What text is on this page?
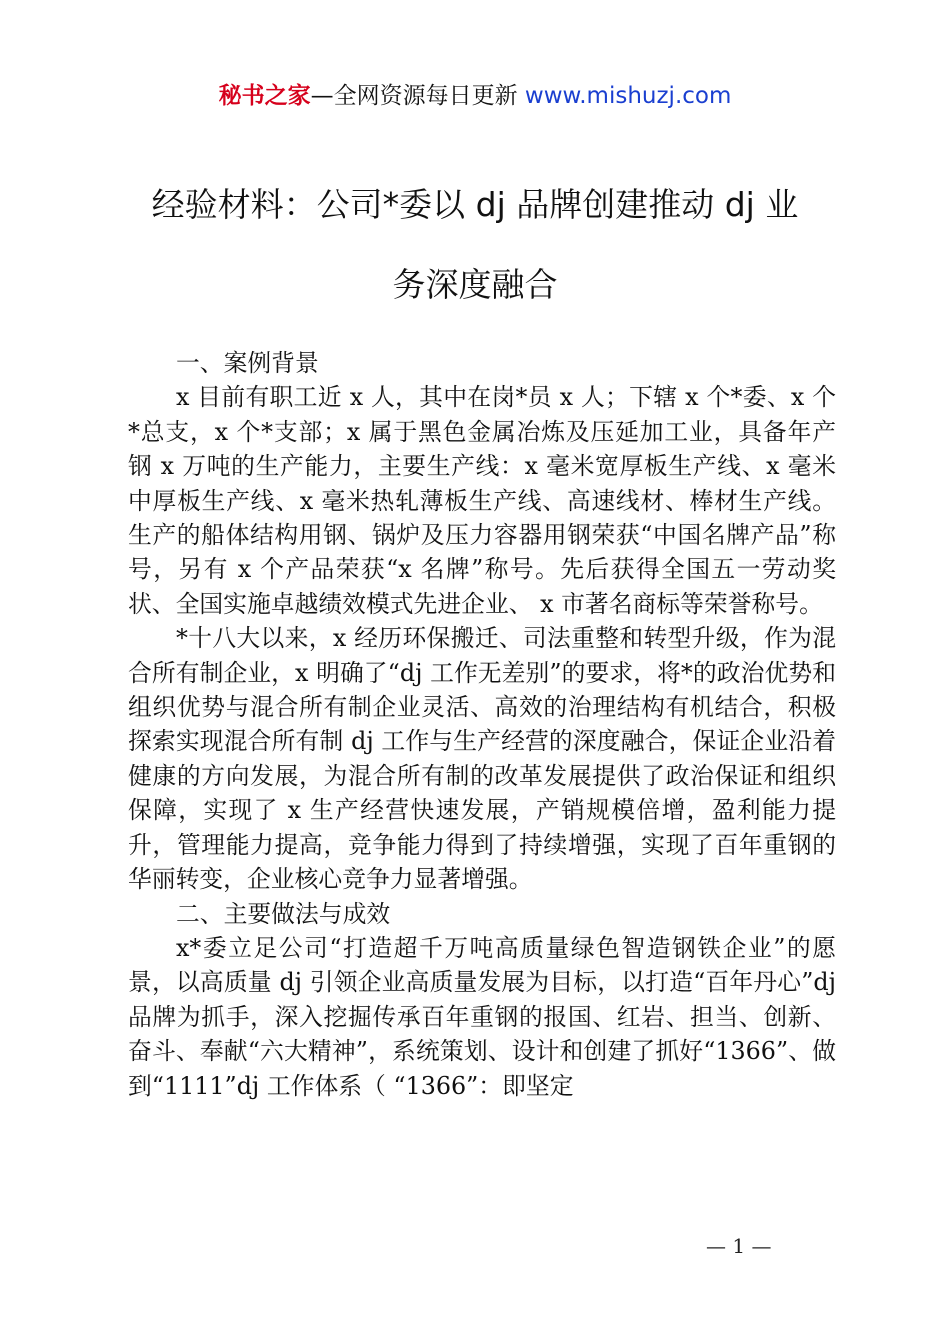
秘书之家—全网资源每日更新 www.mishuzj.com
经验材料：公司*委以 dj 品牌创建推动 dj 业
务深度融合

一、案例背景

x 目前有职工近 x 人，其中在岗*员 x 人；下辖 x 个*委、x 个*总支，x 个*支部；x 属于黑色金属冶炼及压延加工业，具备年产钢 x 万吨的生产能力，主要生产线：x 毫米宽厚板生产线、x 毫米中厚板生产线、x 毫米热轧薄板生产线、高速线材、棒材生产线。生产的船体结构用钢、锅炉及压力容器用钢荣获“中国名牌产品”称号，另有 x 个产品荣获“x 名牌”称号。先后获得全国五一劳动奖状、全国实施卓越绩效模式先进企业、 x 市著名商标等荣誉称号。

*十八大以来，x 经历环保搬迁、司法重整和转型升级，作为混合所有制企业，x 明确了“dj 工作无差别”的要求，将*的政治优势和组织优势与混合所有制企业灵活、高效的治理结构有机结合，积极探索实现混合所有制 dj 工作与生产经营的深度融合，保证企业沿着健康的方向发展，为混合所有制的改革发展提供了政治保证和组织保障，实现了 x 生产经营快速发展，产销规模倍增，盈利能力提升，管理能力提高，竞争能力得到了持续增强，实现了百年重钢的华丽转变，企业核心竞争力显著增强。

二、主要做法与成效

x*委立足公司“打造超千万吨高质量绿色智造钢铁企业”的愿景，以高质量 dj 引领企业高质量发展为目标，以打造“百年丹心”dj 品牌为抓手，深入挖掘传承百年重钢的报国、红岩、担当、创新、奋斗、奉献“六大精神”，系统策划、设计和创建了抓好“1366”、做到“1111”dj 工作体系（ “1366”：即坚定

— 1 —
